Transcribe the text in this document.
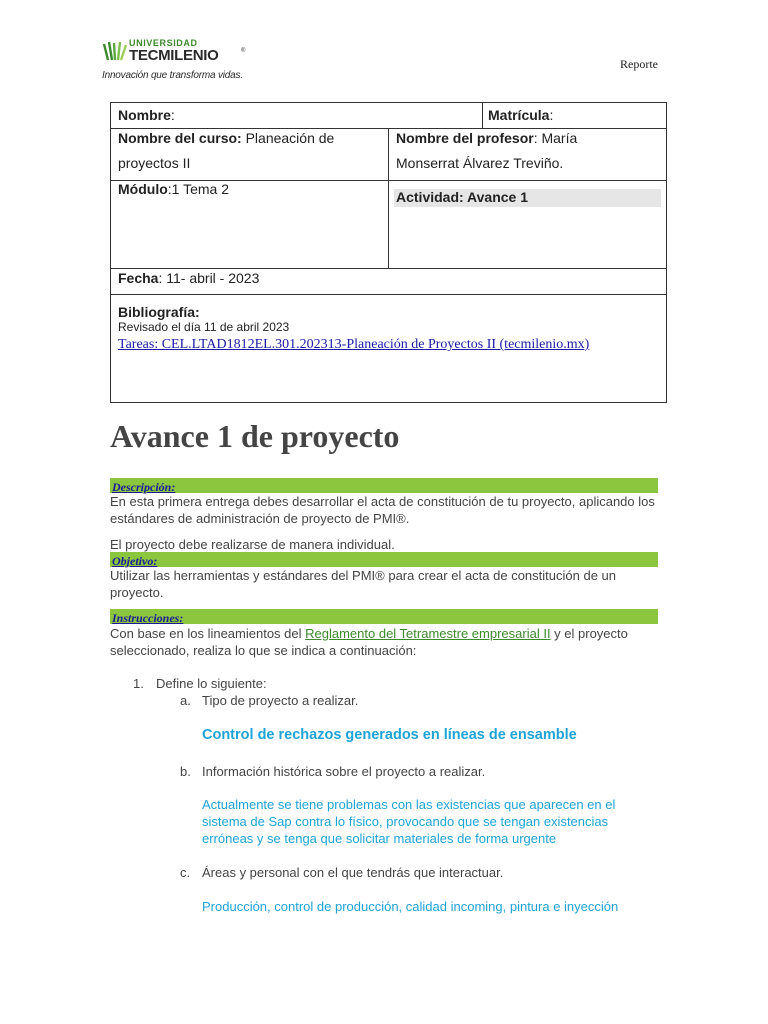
UNIVERSIDAD
TECMILENIO	®
Innovación que transforma vidas.
Reporte
Nombre:	Matrícula:
Nombre del curso: Planeación de
proyectos II
Nombre del profesor: María
Monserrat Álvarez Treviño.
Módulo:1 Tema 2	Actividad: Avance 1
Fecha: 11- abril - 2023
Bibliografía:
Revisado el día 11 de abril 2023
Tareas: CEL.LTAD1812EL.301.202313-Planeación de Proyectos II (tecmilenio.mx)
Avance 1 de proyecto
Descripción:
En esta primera entrega debes desarrollar el acta de constitución de tu proyecto, aplicando los estándares de administración de proyecto de PMI®.
El proyecto debe realizarse de manera individual.
Objetivo:
Utilizar las herramientas y estándares del PMI® para crear el acta de constitución de un proyecto.
Instrucciones:
Con base en los lineamientos del Reglamento del Tetramestre empresarial II y el proyecto seleccionado, realiza lo que se indica a continuación:
1. Define lo siguiente:
a. Tipo de proyecto a realizar.
Control de rechazos generados en líneas de ensamble
b. Información histórica sobre el proyecto a realizar.
Actualmente se tiene problemas con las existencias que aparecen en el sistema de Sap contra lo físico, provocando que se tengan existencias erróneas y se tenga que solicitar materiales de forma urgente
c. Áreas y personal con el que tendrás que interactuar.
Producción, control de producción, calidad incoming, pintura e inyección
